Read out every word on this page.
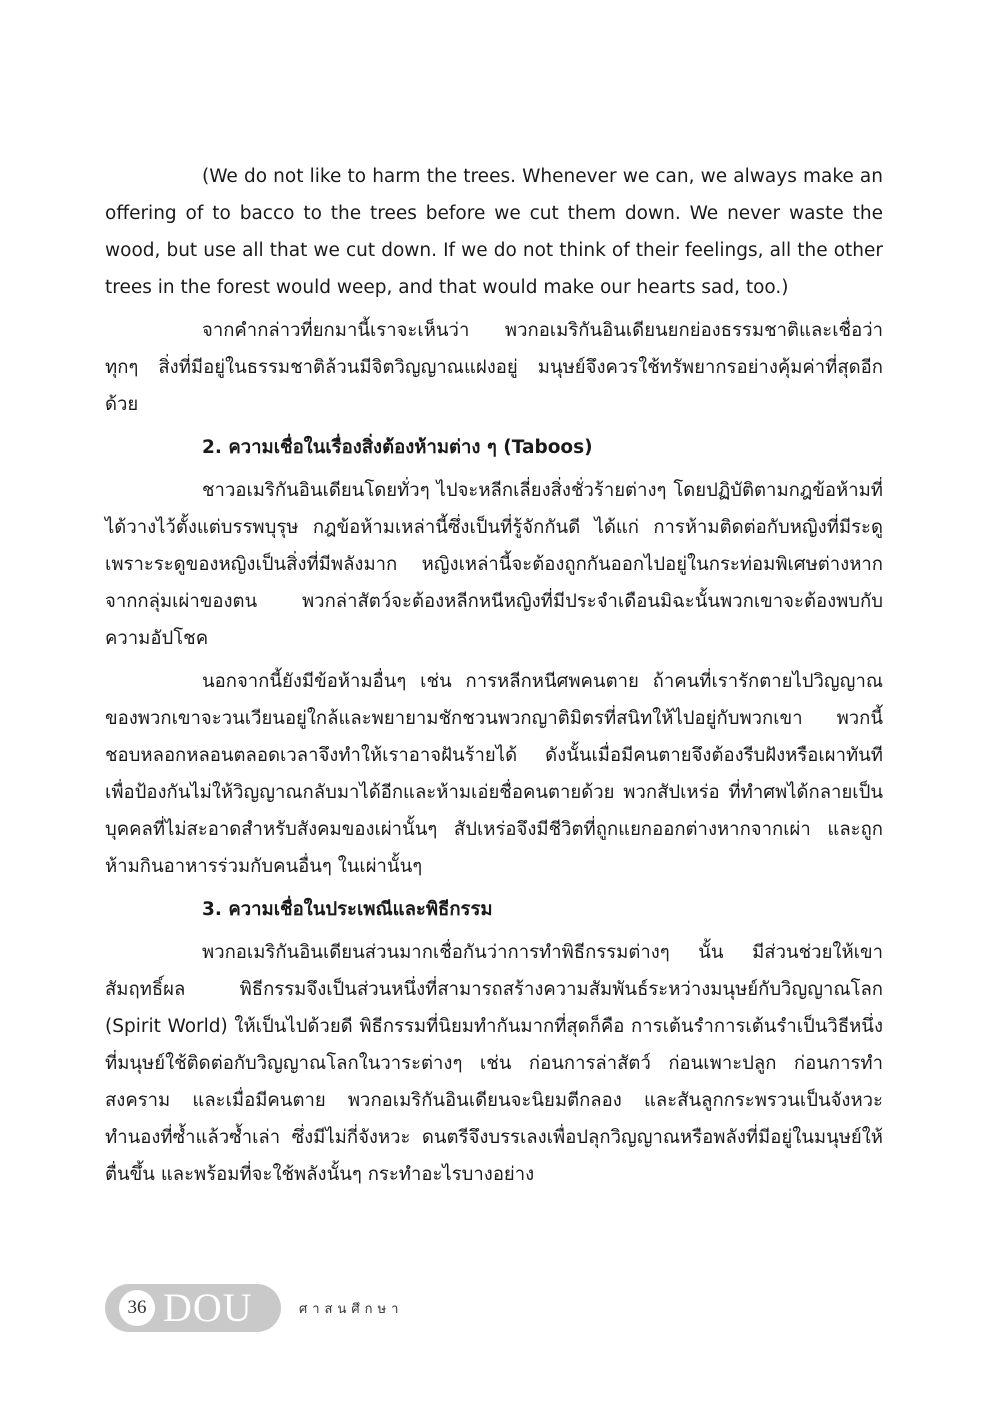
(We do not like to harm the trees. Whenever we can, we always make an offering of to bacco to the trees before we cut them down. We never waste the wood, but use all that we cut down. If we do not think of their feelings, all the other trees in the forest would weep, and that would make our hearts sad, too.)

จากคำกล่าวที่ยกมานี้เราจะเห็นว่า พวกอเมริกันอินเดียนยกย่องธรรมชาติและเชื่อว่าทุกๆ สิ่งที่มีอยู่ในธรรมชาติล้วนมีจิตวิญญาณแฝงอยู่ มนุษย์จึงควรใช้ทรัพยากรอย่างคุ้มค่าที่สุดอีกด้วย

2. ความเชื่อในเรื่องสิ่งต้องห้ามต่าง ๆ (Taboos)

ชาวอเมริกันอินเดียนโดยทั่วๆ ไปจะหลีกเลี่ยงสิ่งชั่วร้ายต่างๆ โดยปฏิบัติตามกฎข้อห้ามที่ได้วางไว้ตั้งแต่บรรพบุรุษ กฎข้อห้ามเหล่านี้ซึ่งเป็นที่รู้จักกันดี ได้แก่ การห้ามติดต่อกับหญิงที่มีระดู เพราะระดูของหญิงเป็นสิ่งที่มีพลังมาก หญิงเหล่านี้จะต้องถูกกันออกไปอยู่ในกระท่อมพิเศษต่างหาก จากกลุ่มเผ่าของตน พวกล่าสัตว์จะต้องหลีกหนีหญิงที่มีประจำเดือนมิฉะนั้นพวกเขาจะต้องพบกับความอัปโชค

นอกจากนี้ยังมีข้อห้ามอื่นๆ เช่น การหลีกหนีศพคนตาย ถ้าคนที่เรารักตายไปวิญญาณของพวกเขาจะวนเวียนอยู่ใกล้และพยายามชักชวนพวกญาติมิตรที่สนิทให้ไปอยู่กับพวกเขา พวกนี้ชอบหลอกหลอนตลอดเวลาจึงทำให้เราอาจฝันร้ายได้ ดังนั้นเมื่อมีคนตายจึงต้องรีบฝังหรือเผาทันที เพื่อป้องกันไม่ให้วิญญาณกลับมาได้อีกและห้ามเอ่ยชื่อคนตายด้วย พวกสัปเหร่อ ที่ทำศพได้กลายเป็นบุคคลที่ไม่สะอาดสำหรับสังคมของเผ่านั้นๆ สัปเหร่อจึงมีชีวิตที่ถูกแยกออกต่างหากจากเผ่า และถูกห้ามกินอาหารร่วมกับคนอื่นๆ ในเผ่านั้นๆ

3. ความเชื่อในประเพณีและพิธีกรรม

พวกอเมริกันอินเดียนส่วนมากเชื่อกันว่าการทำพิธีกรรมต่างๆ นั้น มีส่วนช่วยให้เขาสัมฤทธิ์ผล พิธีกรรมจึงเป็นส่วนหนึ่งที่สามารถสร้างความสัมพันธ์ระหว่างมนุษย์กับวิญญาณโลก (Spirit World) ให้เป็นไปด้วยดี พิธีกรรมที่นิยมทำกันมากที่สุดก็คือ การเต้นรำการเต้นรำเป็นวิธีหนึ่งที่มนุษย์ใช้ติดต่อกับวิญญาณโลกในวาระต่างๆ เช่น ก่อนการล่าสัตว์ ก่อนเพาะปลูก ก่อนการทำสงคราม และเมื่อมีคนตาย พวกอเมริกันอินเดียนจะนิยมตีกลอง และสันลูกกระพรวนเป็นจังหวะทำนองที่ซ้ำแล้วซ้ำเล่า ซึ่งมีไม่กี่จังหวะ ดนตรีจึงบรรเลงเพื่อปลุกวิญญาณหรือพลังที่มีอยู่ในมนุษย์ให้ตื่นขึ้น และพร้อมที่จะใช้พลังนั้นๆ กระทำอะไรบางอย่าง

36 DOU	ศาสนศึกษา
